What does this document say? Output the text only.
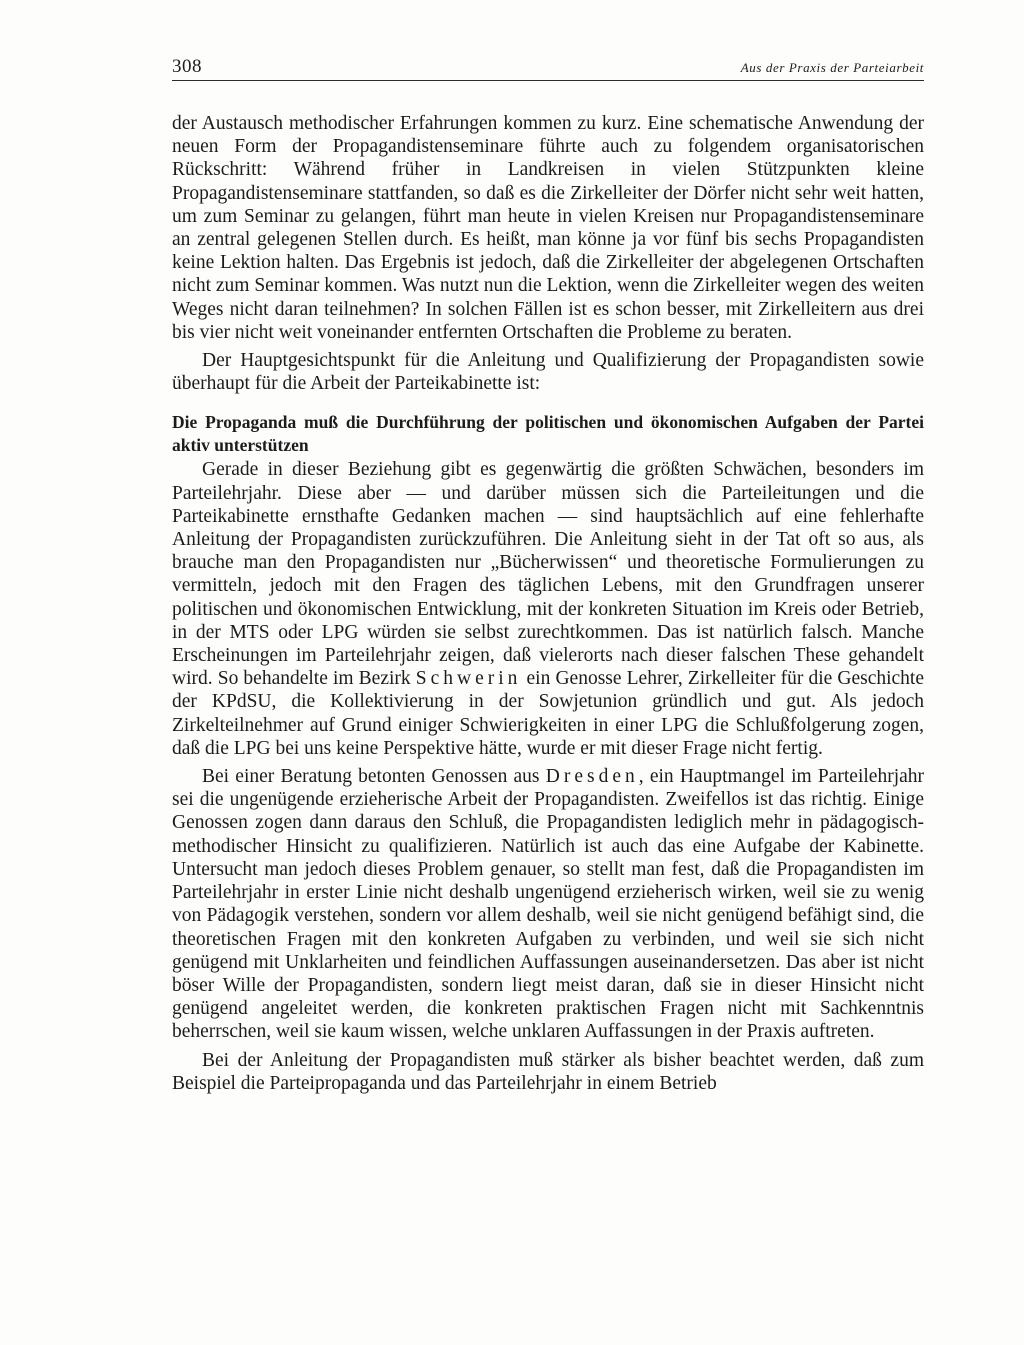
308	Aus der Praxis der Parteiarbeit

der Austausch methodischer Erfahrungen kommen zu kurz. Eine schematische Anwendung der neuen Form der Propagandistenseminare führte auch zu folgendem organisatorischen Rückschritt: Während früher in Landkreisen in vielen Stützpunkten kleine Propagandistenseminare stattfanden, so daß es die Zirkelleiter der Dörfer nicht sehr weit hatten, um zum Seminar zu gelangen, führt man heute in vielen Kreisen nur Propagandistenseminare an zentral gelegenen Stellen durch. Es heißt, man könne ja vor fünf bis sechs Propagandisten keine Lektion halten. Das Ergebnis ist jedoch, daß die Zirkelleiter der abgelegenen Ortschaften nicht zum Seminar kommen. Was nutzt nun die Lektion, wenn die Zirkelleiter wegen des weiten Weges nicht daran teilnehmen? In solchen Fällen ist es schon besser, mit Zirkelleitern aus drei bis vier nicht weit voneinander entfernten Ortschaften die Probleme zu beraten.

Der Hauptgesichtspunkt für die Anleitung und Qualifizierung der Propagandisten sowie überhaupt für die Arbeit der Parteikabinette ist:

Die Propaganda muß die Durchführung der politischen und ökonomischen Aufgaben der Partei aktiv unterstützen

Gerade in dieser Beziehung gibt es gegenwärtig die größten Schwächen, besonders im Parteilehrjahr. Diese aber — und darüber müssen sich die Parteileitungen und die Parteikabinette ernsthafte Gedanken machen — sind hauptsächlich auf eine fehlerhafte Anleitung der Propagandisten zurückzuführen. Die Anleitung sieht in der Tat oft so aus, als brauche man den Propagandisten nur „Bücherwissen“ und theoretische Formulierungen zu vermitteln, jedoch mit den Fragen des täglichen Lebens, mit den Grundfragen unserer politischen und ökonomischen Entwicklung, mit der konkreten Situation im Kreis oder Betrieb, in der MTS oder LPG würden sie selbst zurechtkommen. Das ist natürlich falsch. Manche Erscheinungen im Parteilehrjahr zeigen, daß vielerorts nach dieser falschen These gehandelt wird. So behandelte im Bezirk Schwerin ein Genosse Lehrer, Zirkelleiter für die Geschichte der KPdSU, die Kollektivierung in der Sowjetunion gründlich und gut. Als jedoch Zirkelteilnehmer auf Grund einiger Schwierigkeiten in einer LPG die Schlußfolgerung zogen, daß die LPG bei uns keine Perspektive hätte, wurde er mit dieser Frage nicht fertig.

Bei einer Beratung betonten Genossen aus Dresden, ein Hauptmangel im Parteilehrjahr sei die ungenügende erzieherische Arbeit der Propagandisten. Zweifellos ist das richtig. Einige Genossen zogen dann daraus den Schluß, die Propagandisten lediglich mehr in pädagogisch-methodischer Hinsicht zu qualifizieren. Natürlich ist auch das eine Aufgabe der Kabinette. Untersucht man jedoch dieses Problem genauer, so stellt man fest, daß die Propagandisten im Parteilehrjahr in erster Linie nicht deshalb ungenügend erzieherisch wirken, weil sie zu wenig von Pädagogik verstehen, sondern vor allem deshalb, weil sie nicht genügend befähigt sind, die theoretischen Fragen mit den konkreten Aufgaben zu verbinden, und weil sie sich nicht genügend mit Unklarheiten und feindlichen Auffassungen auseinandersetzen. Das aber ist nicht böser Wille der Propagandisten, sondern liegt meist daran, daß sie in dieser Hinsicht nicht genügend angeleitet werden, die konkreten praktischen Fragen nicht mit Sachkenntnis beherrschen, weil sie kaum wissen, welche unklaren Auffassungen in der Praxis auftreten.

Bei der Anleitung der Propagandisten muß stärker als bisher beachtet werden, daß zum Beispiel die Parteipropaganda und das Parteilehrjahr in einem Betrieb
